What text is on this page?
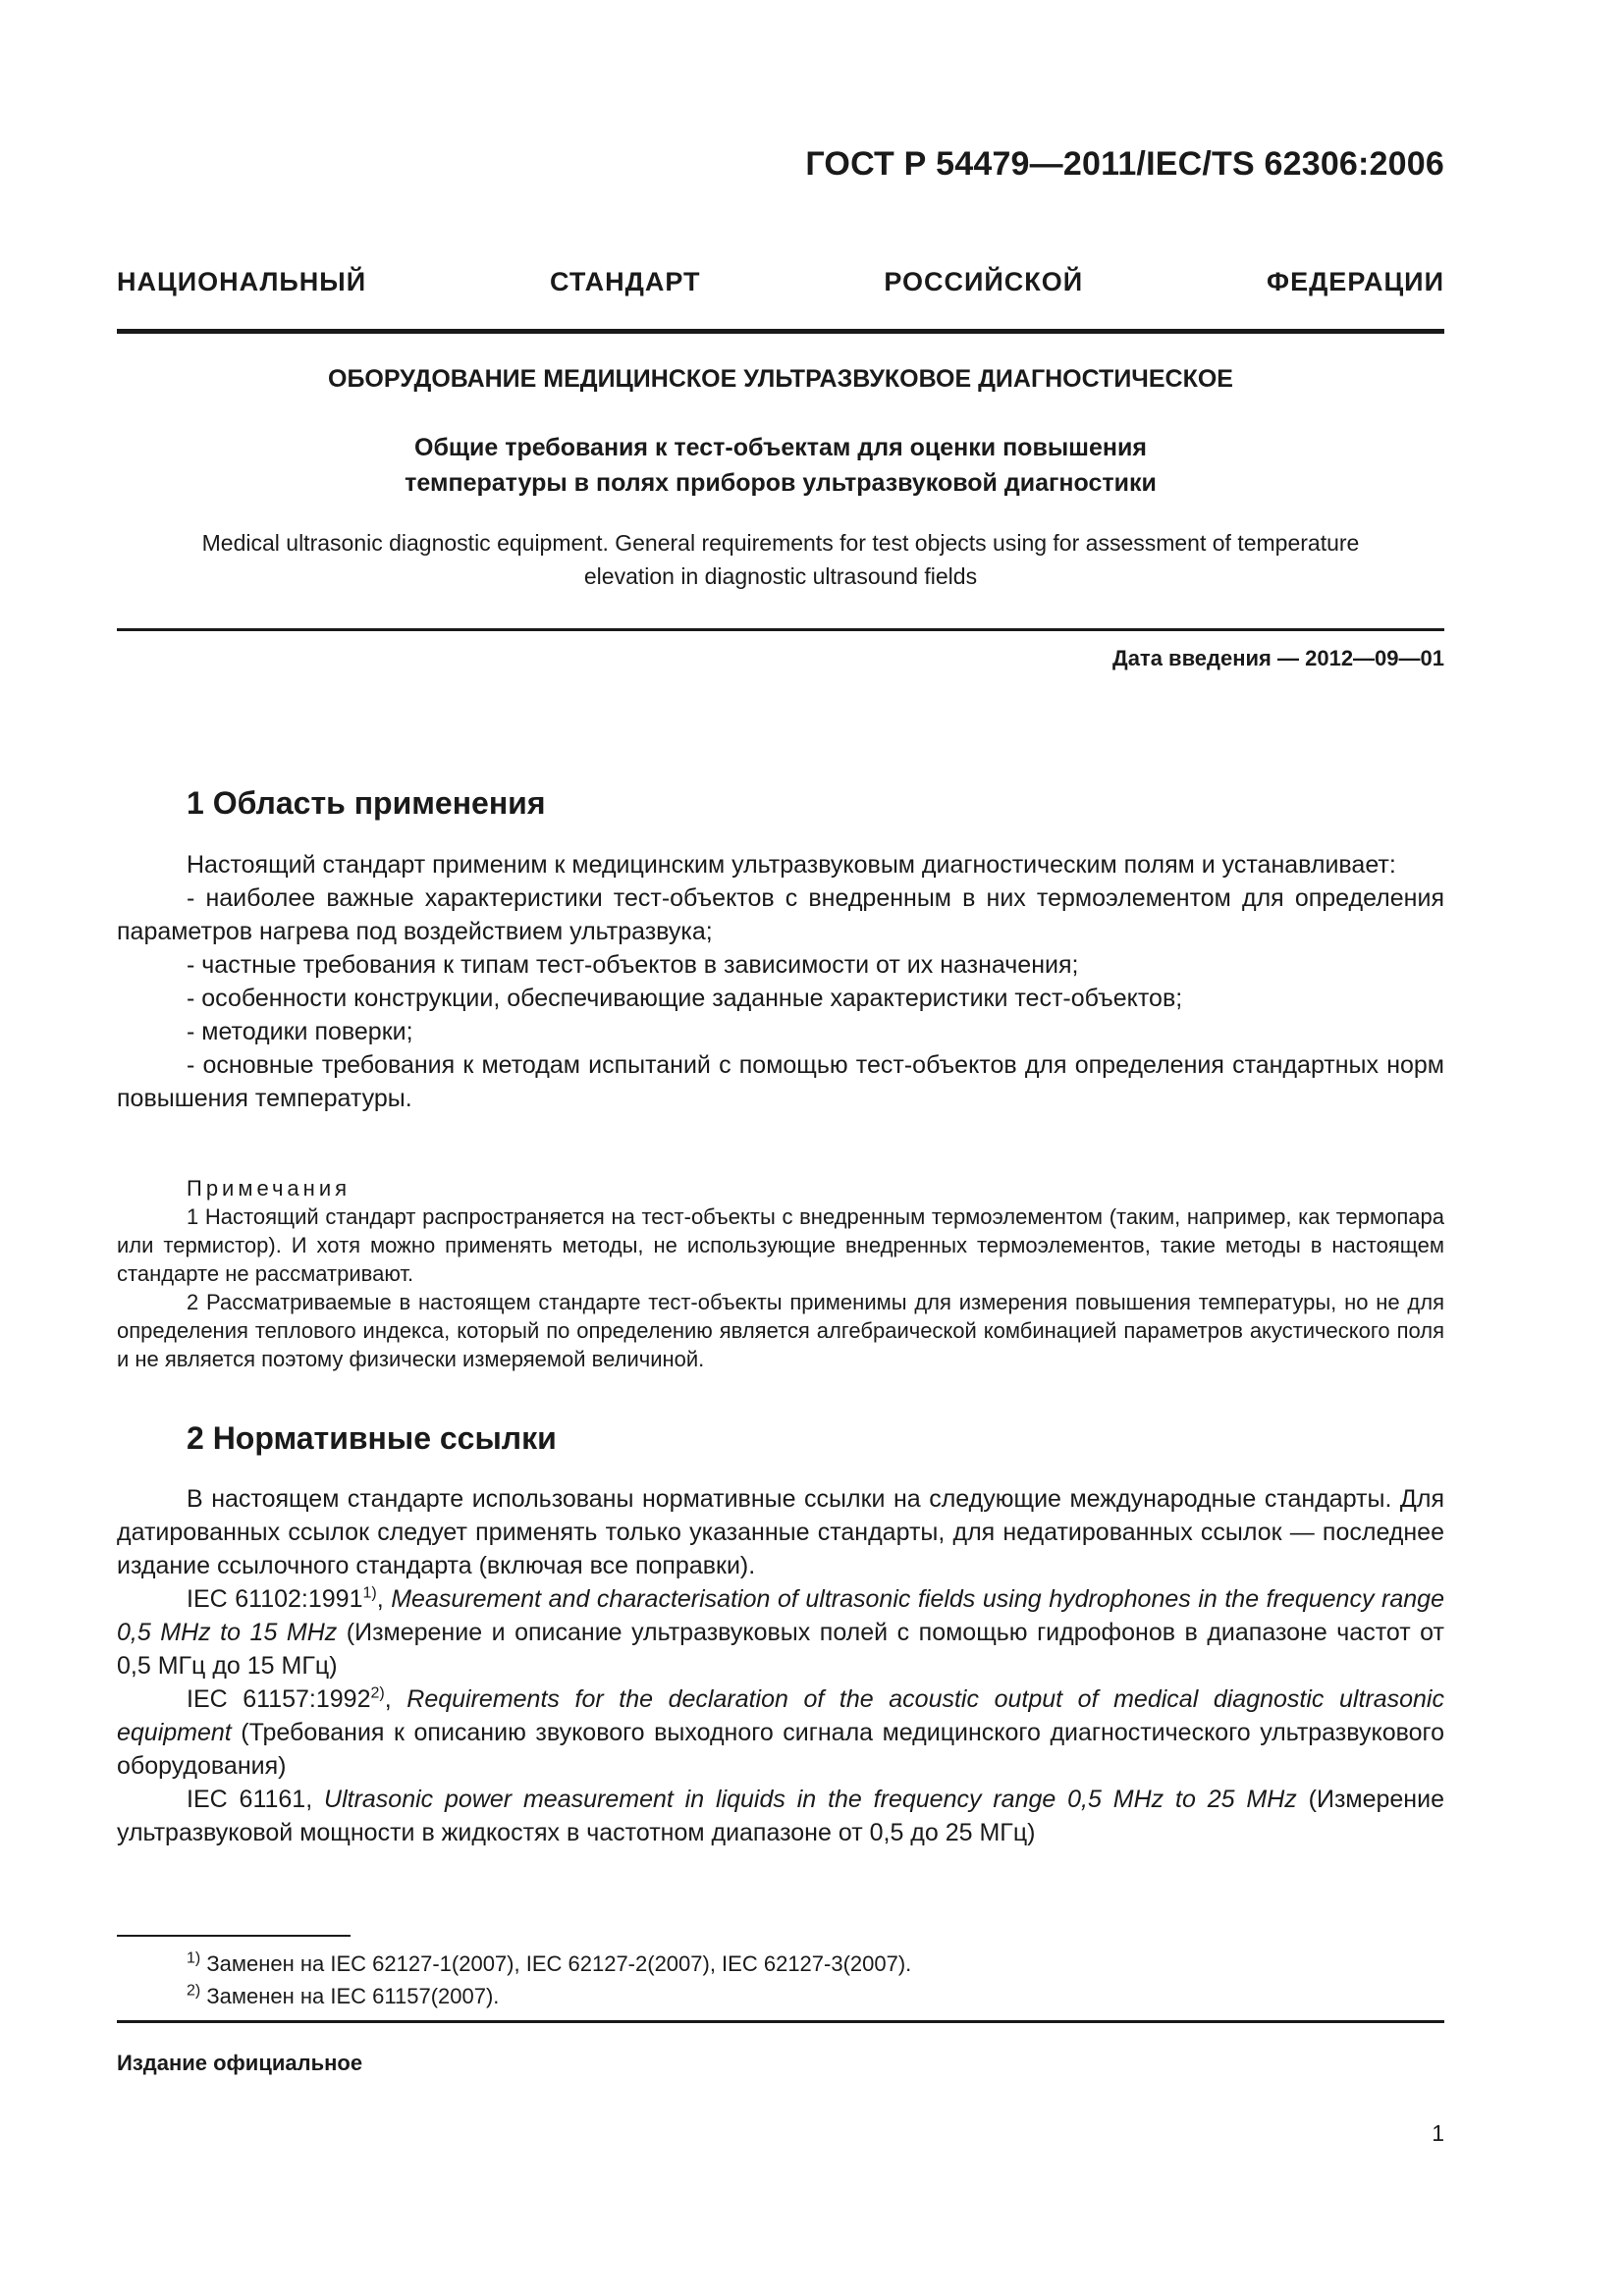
ГОСТ Р 54479—2011/IEC/TS 62306:2006
НАЦИОНАЛЬНЫЙ СТАНДАРТ РОССИЙСКОЙ ФЕДЕРАЦИИ
ОБОРУДОВАНИЕ МЕДИЦИНСКОЕ УЛЬТРАЗВУКОВОЕ ДИАГНОСТИЧЕСКОЕ
Общие требования к тест-объектам для оценки повышения
температуры в полях приборов ультразвуковой диагностики
Medical ultrasonic diagnostic equipment. General requirements for test objects using for assessment of temperature
elevation in diagnostic ultrasound fields
Дата введения — 2012—09—01
1 Область применения

Настоящий стандарт применим к медицинским ультразвуковым диагностическим полям и устанавливает:

- наиболее важные характеристики тест-объектов с внедренным в них термоэлементом для определения параметров нагрева под воздействием ультразвука;

- частные требования к типам тест-объектов в зависимости от их назначения;

- особенности конструкции, обеспечивающие заданные характеристики тест-объектов;

- методики поверки;

- основные требования к методам испытаний с помощью тест-объектов для определения стандартных норм повышения температуры.

Примечания

1 Настоящий стандарт распространяется на тест-объекты с внедренным термоэлементом (таким, например, как термопара или термистор). И хотя можно применять методы, не использующие внедренных термоэлементов, такие методы в настоящем стандарте не рассматривают.

2 Рассматриваемые в настоящем стандарте тест-объекты применимы для измерения повышения температуры, но не для определения теплового индекса, который по определению является алгебраической комбинацией параметров акустического поля и не является поэтому физически измеряемой величиной.

2 Нормативные ссылки

В настоящем стандарте использованы нормативные ссылки на следующие международные стандарты. Для датированных ссылок следует применять только указанные стандарты, для недатированных ссылок — последнее издание ссылочного стандарта (включая все поправки).

IEC 61102:1991$^{1)}$, Measurement and characterisation of ultrasonic fields using hydrophones in the frequency range 0,5 MHz to 15 MHz (Измерение и описание ультразвуковых полей с помощью гидрофонов в диапазоне частот от 0,5 МГц до 15 МГц)

IEC 61157:1992$^{2)}$, Requirements for the declaration of the acoustic output of medical diagnostic ultrasonic equipment (Требования к описанию звукового выходного сигнала медицинского диагностического ультразвукового оборудования)

IEC 61161, Ultrasonic power measurement in liquids in the frequency range 0,5 MHz to 25 MHz (Измерение ультразвуковой мощности в жидкостях в частотном диапазоне от 0,5 до 25 МГц)

$^{1)}$ Заменен на IEC 62127-1(2007), IEC 62127-2(2007), IEC 62127-3(2007).
$^{2)}$ Заменен на IEC 61157(2007).
Издание официальное
1
